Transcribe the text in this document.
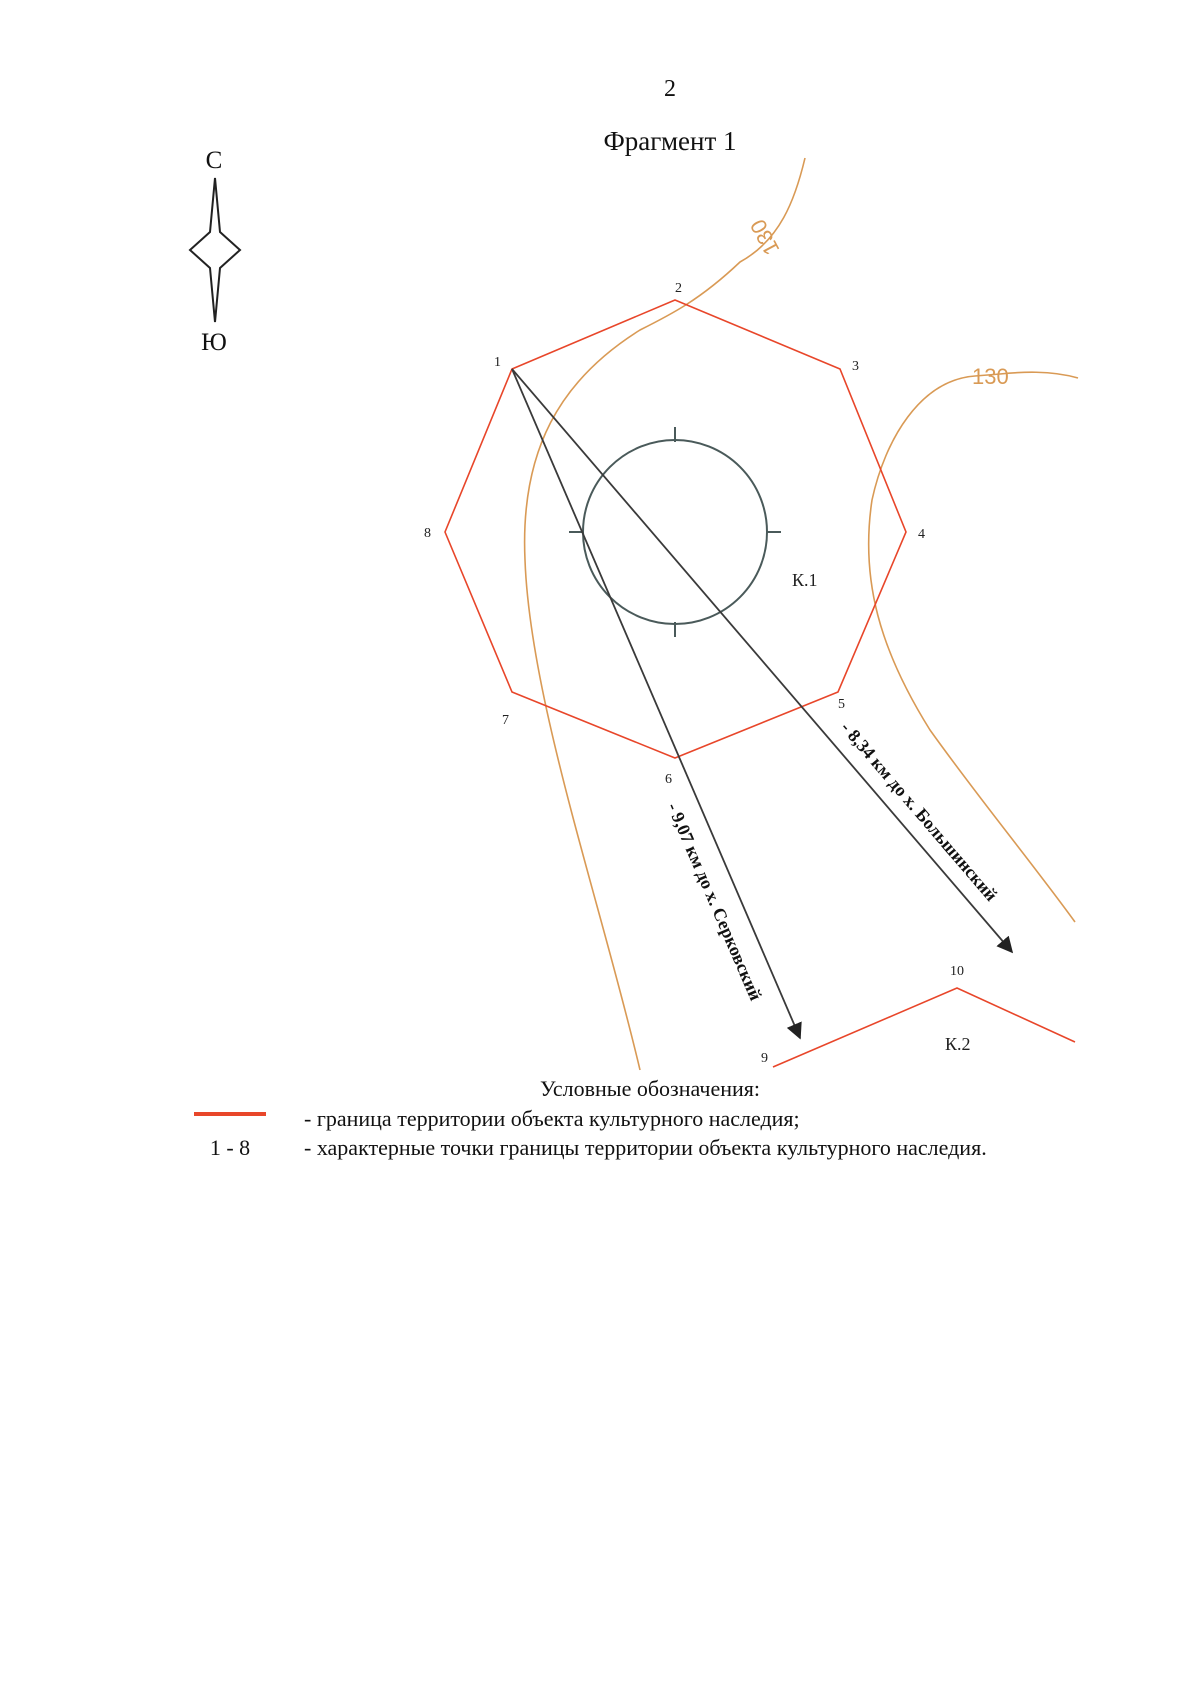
2
Фрагмент 1
С
Ю
130
130
- 8,34 км до х. Большинский
- 9,07 км до х. Серковский
1
2
3
4
5
6
7
8
9
10
К.1
К.2
Условные обозначения:
- граница территории объекта культурного наследия;
1 - 8	- характерные точки границы территории объекта культурного наследия.
